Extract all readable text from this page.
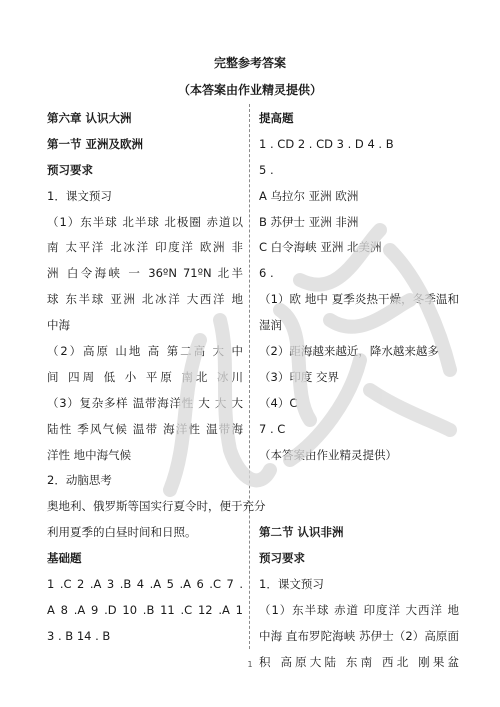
完整参考答案
（本答案由作业精灵提供）
第六章 认识大洲
第一节 亚洲及欧洲
预习要求
1．课文预习
（1）东半球 北半球 北极圈 赤道以
南 太平洋 北冰洋 印度洋 欧洲 非
洲 白令海峡 一 36ºN 71ºN 北半
球 东半球 亚洲 北冰洋 大西洋 地
中海
（2）高原 山地 高 第二高 大 中
间 四周 低 小 平原 南北 冰川
（3）复杂多样 温带海洋性 大 大 大
陆性 季风气候 温带 海洋性 温带海
洋性 地中海气候
2．动脑思考
奥地利、俄罗斯等国实行夏令时，便于充分
利用夏季的白昼时间和日照。
基础题
1 .C 2 .A 3 .B 4 .A 5 .A 6 .C 7 .
A 8 .A 9 .D 10 .B 11 .C 12 .A 1
3 . B 14 . B
提高题
1 . CD 2 . CD 3 . D 4 . B
5 .
A 乌拉尔 亚洲 欧洲
B 苏伊士 亚洲 非洲
C 白令海峡 亚洲 北美洲
6 .
（1）欧 地中 夏季炎热干燥，冬季温和
湿润
（2）距海越来越近，降水越来越多
（3）印度 交界
（4）C
7 . C
（本答案由作业精灵提供）
第二节 认识非洲
预习要求
1．课文预习
（1）东半球 赤道 印度洋 大西洋 地
中海 直布罗陀海峡 苏伊士（2）高原面
积 高原大陆 东南 西北 刚果盆
1
